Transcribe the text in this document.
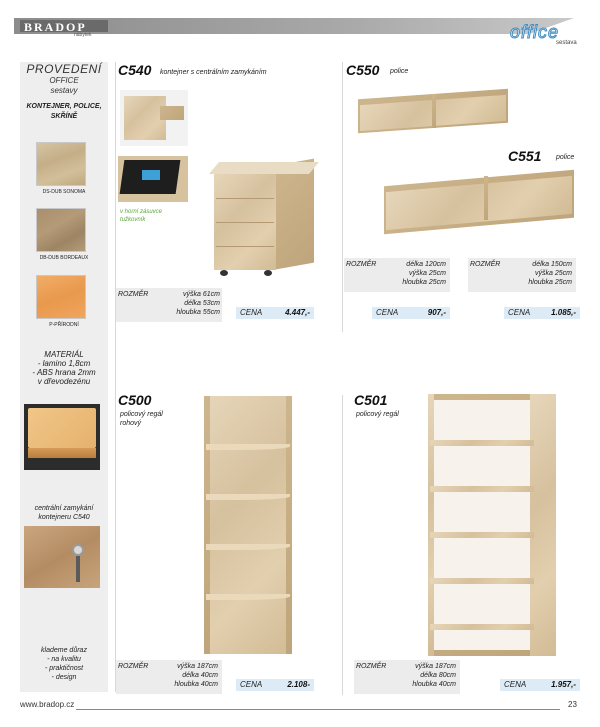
BRADOP
nábytek	office
sestava
PROVEDENÍ
OFFICE
sestavy
KONTEJNER, POLICE,
SKŘÍNĚ
DS-DUB SONOMA
DB-DUB BORDEAUX
P-PŘÍRODNÍ
MATERIÁL
- lamino 1,8cm
- ABS hrana 2mm
v dřevodezénu
centrální zamykání
kontejneru C540
klademe důraz
- na kvalitu
- praktičnost
- design
C540 kontejner s centrálním zamykáním
v horní zásuvce
tužkovník
ROZMĚR	výška 61cm
délka 53cm
hloubka 55cm	CENA	4.447,-
C550 police
C551 police
ROZMĚR	délka 120cm
výška 25cm
hloubka 25cm
CENA	907,-
ROZMĚR	délka 150cm
výška 25cm
hloubka 25cm
CENA	1.085,-
C500
policový regál
rohový
ROZMĚR	výška 187cm
délka 40cm
hloubka 40cm	CENA	2.108-
C501
policový regál
ROZMĚR	výška 187cm
délka 80cm
hloubka 40cm	CENA	1.957,-
www.bradop.cz	23
